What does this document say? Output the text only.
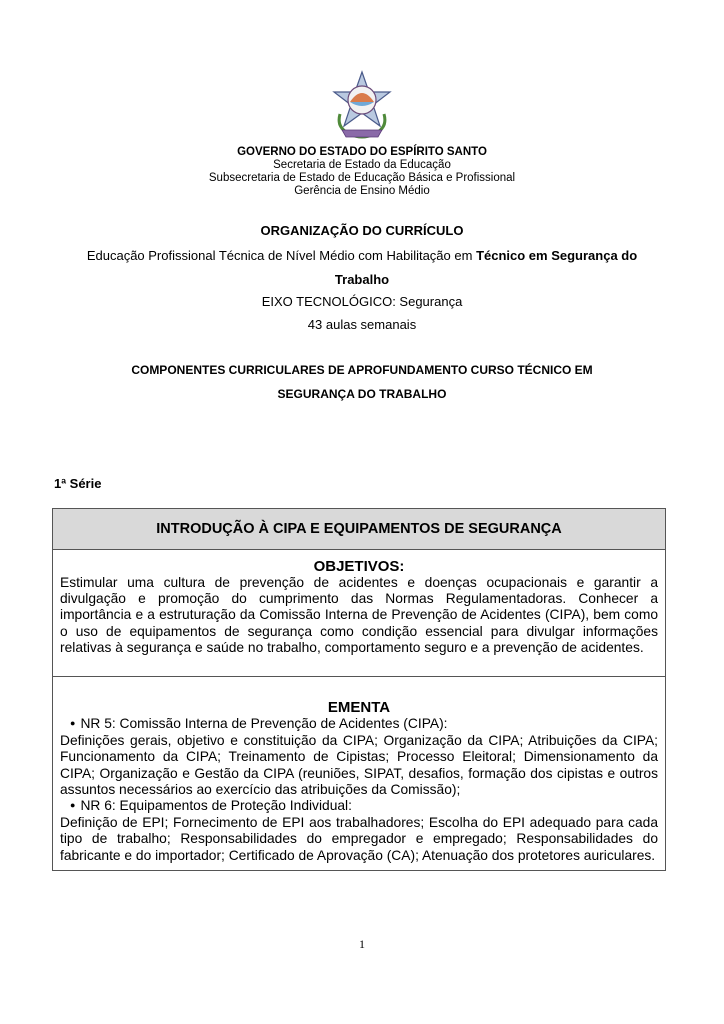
GOVERNO DO ESTADO DO ESPÍRITO SANTO
Secretaria de Estado da Educação
Subsecretaria de Estado de Educação Básica e Profissional
Gerência de Ensino Médio
ORGANIZAÇÃO DO CURRÍCULO
Educação Profissional Técnica de Nível Médio com Habilitação em Técnico em Segurança do
Trabalho
EIXO TECNOLÓGICO: Segurança
43 aulas semanais
COMPONENTES CURRICULARES DE APROFUNDAMENTO CURSO TÉCNICO EM
SEGURANÇA DO TRABALHO
1ª Série
INTRODUÇÃO À CIPA E EQUIPAMENTOS DE SEGURANÇA
OBJETIVOS:
Estimular uma cultura de prevenção de acidentes e doenças ocupacionais e garantir a divulgação e promoção do cumprimento das Normas Regulamentadoras. Conhecer a importância e a estruturação da Comissão Interna de Prevenção de Acidentes (CIPA), bem como o uso de equipamentos de segurança como condição essencial para divulgar informações relativas à segurança e saúde no trabalho, comportamento seguro e a prevenção de acidentes.
EMENTA
● NR 5: Comissão Interna de Prevenção de Acidentes (CIPA):
Definições gerais, objetivo e constituição da CIPA; Organização da CIPA; Atribuições da CIPA; Funcionamento da CIPA; Treinamento de Cipistas; Processo Eleitoral; Dimensionamento da CIPA; Organização e Gestão da CIPA (reuniões, SIPAT, desafios, formação dos cipistas e outros assuntos necessários ao exercício das atribuições da Comissão);
● NR 6: Equipamentos de Proteção Individual:
Definição de EPI; Fornecimento de EPI aos trabalhadores; Escolha do EPI adequado para cada tipo de trabalho; Responsabilidades do empregador e empregado; Responsabilidades do fabricante e do importador; Certificado de Aprovação (CA); Atenuação dos protetores auriculares.
1
